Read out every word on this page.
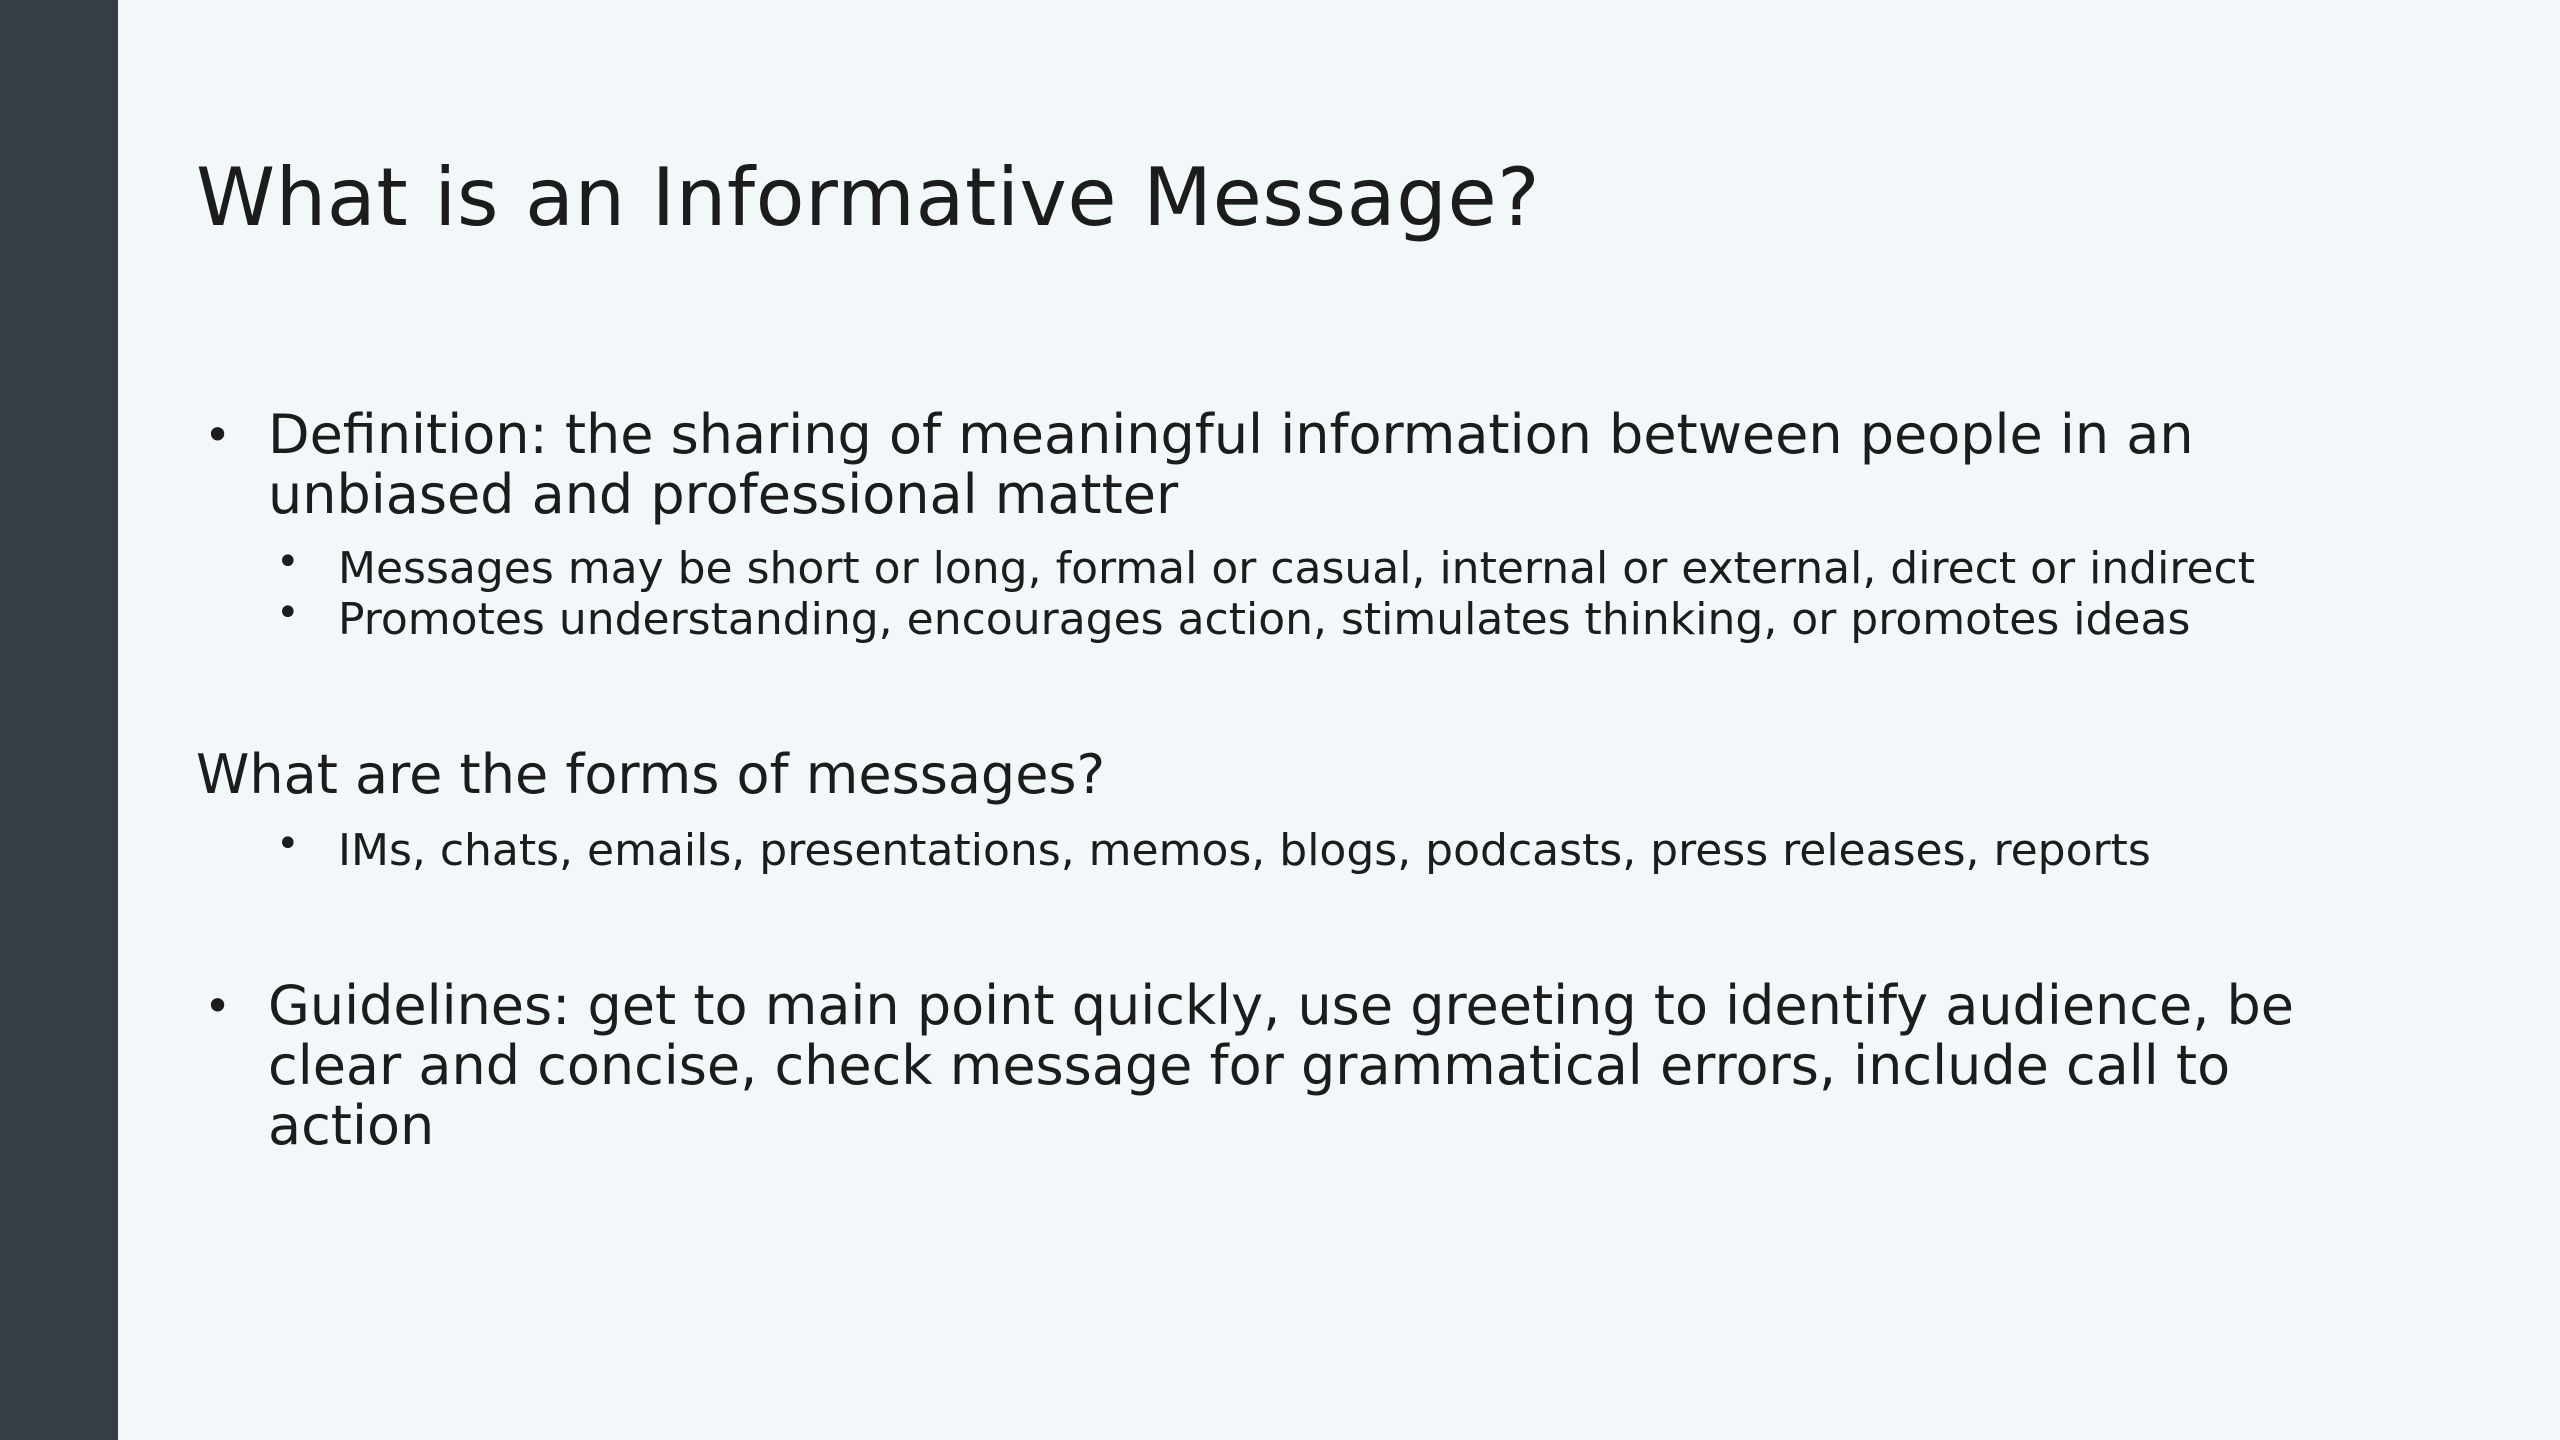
What is an Informative Message?

• Definition: the sharing of meaningful information between people in an unbiased and professional matter

• Messages may be short or long, formal or casual, internal or external, direct or indirect

• Promotes understanding, encourages action, stimulates thinking, or promotes ideas

What are the forms of messages?

• IMs, chats, emails, presentations, memos, blogs, podcasts, press releases, reports

• Guidelines: get to main point quickly, use greeting to identify audience, be clear and concise, check message for grammatical errors, include call to action
